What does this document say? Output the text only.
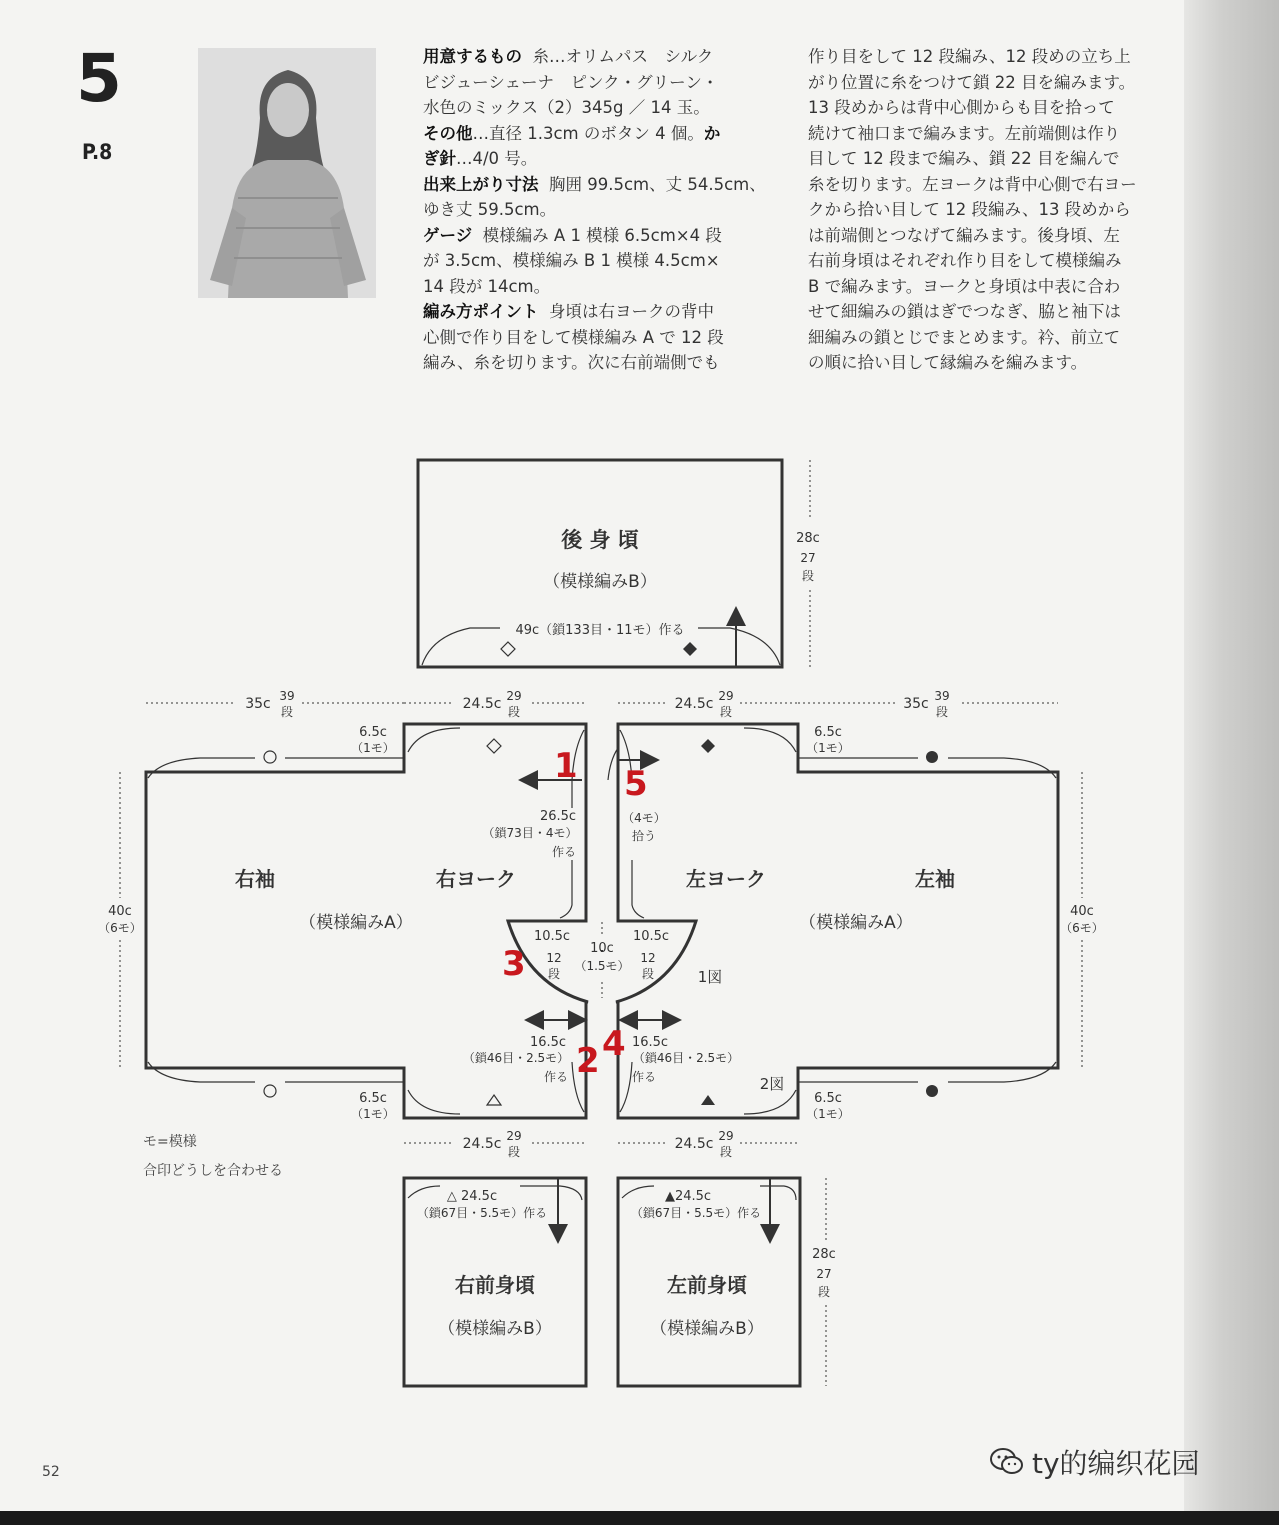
5
P.8
用意するもの  糸…オリムパス　シルク
ビジューシェーナ　ピンク・グリーン・
水色のミックス（2）345g ／ 14 玉。
その他…直径 1.3cm のボタン 4 個。か
ぎ針…4/0 号。
出来上がり寸法  胸囲 99.5cm、丈 54.5cm、
ゆき丈 59.5cm。
ゲージ  模様編み A 1 模様 6.5cm×4 段
が 3.5cm、模様編み B 1 模様 4.5cm×
14 段が 14cm。
編み方ポイント  身頃は右ヨークの背中
心側で作り目をして模様編み A で 12 段
編み、糸を切ります。次に右前端側でも
作り目をして 12 段編み、12 段めの立ち上
がり位置に糸をつけて鎖 22 目を編みます。
13 段めからは背中心側からも目を拾って
続けて袖口まで編みます。左前端側は作り
目して 12 段まで編み、鎖 22 目を編んで
糸を切ります。左ヨークは背中心側で右ヨー
クから拾い目して 12 段編み、13 段めから
は前端側とつなげて編みます。後身頃、左
右前身頃はそれぞれ作り目をして模様編み
B で編みます。ヨークと身頃は中表に合わ
せて細編みの鎖はぎでつなぎ、脇と袖下は
細編みの鎖とじでまとめます。衿、前立て
の順に拾い目して縁編みを編みます。
後 身 頃
（模様編みB）
49c（鎖133目・11モ）作る
28c
27
段
35c 39
段	24.5c 29
段	24.5c 29
段	35c 39
段
6.5c
（1モ）
6.5c
（1モ）
6.5c
（1モ）
6.5c
（1モ）
右袖	右ヨーク
（模様編みA）
左ヨーク	左袖
（模様編みA）
40c
（6モ）
40c
（6モ）
26.5c
（鎖73目・4モ）
作る
（4モ）
拾う
10.5c
12
段
10c
（1.5モ）
10.5c
12
段	1図
2図
16.5c
（鎖46目・2.5モ）
作る
16.5c
（鎖46目・2.5モ）
作る
24.5c 29
段	24.5c 29
段
△ 24.5c
（鎖67目・5.5モ）作る
右前身頃
（模様編みB）
▲24.5c
（鎖67目・5.5モ）作る
左前身頃
（模様編みB）
28c
27
段
1 5
3
2 4
モ=模様
合印どうしを合わせる
52	ty的编织花园
